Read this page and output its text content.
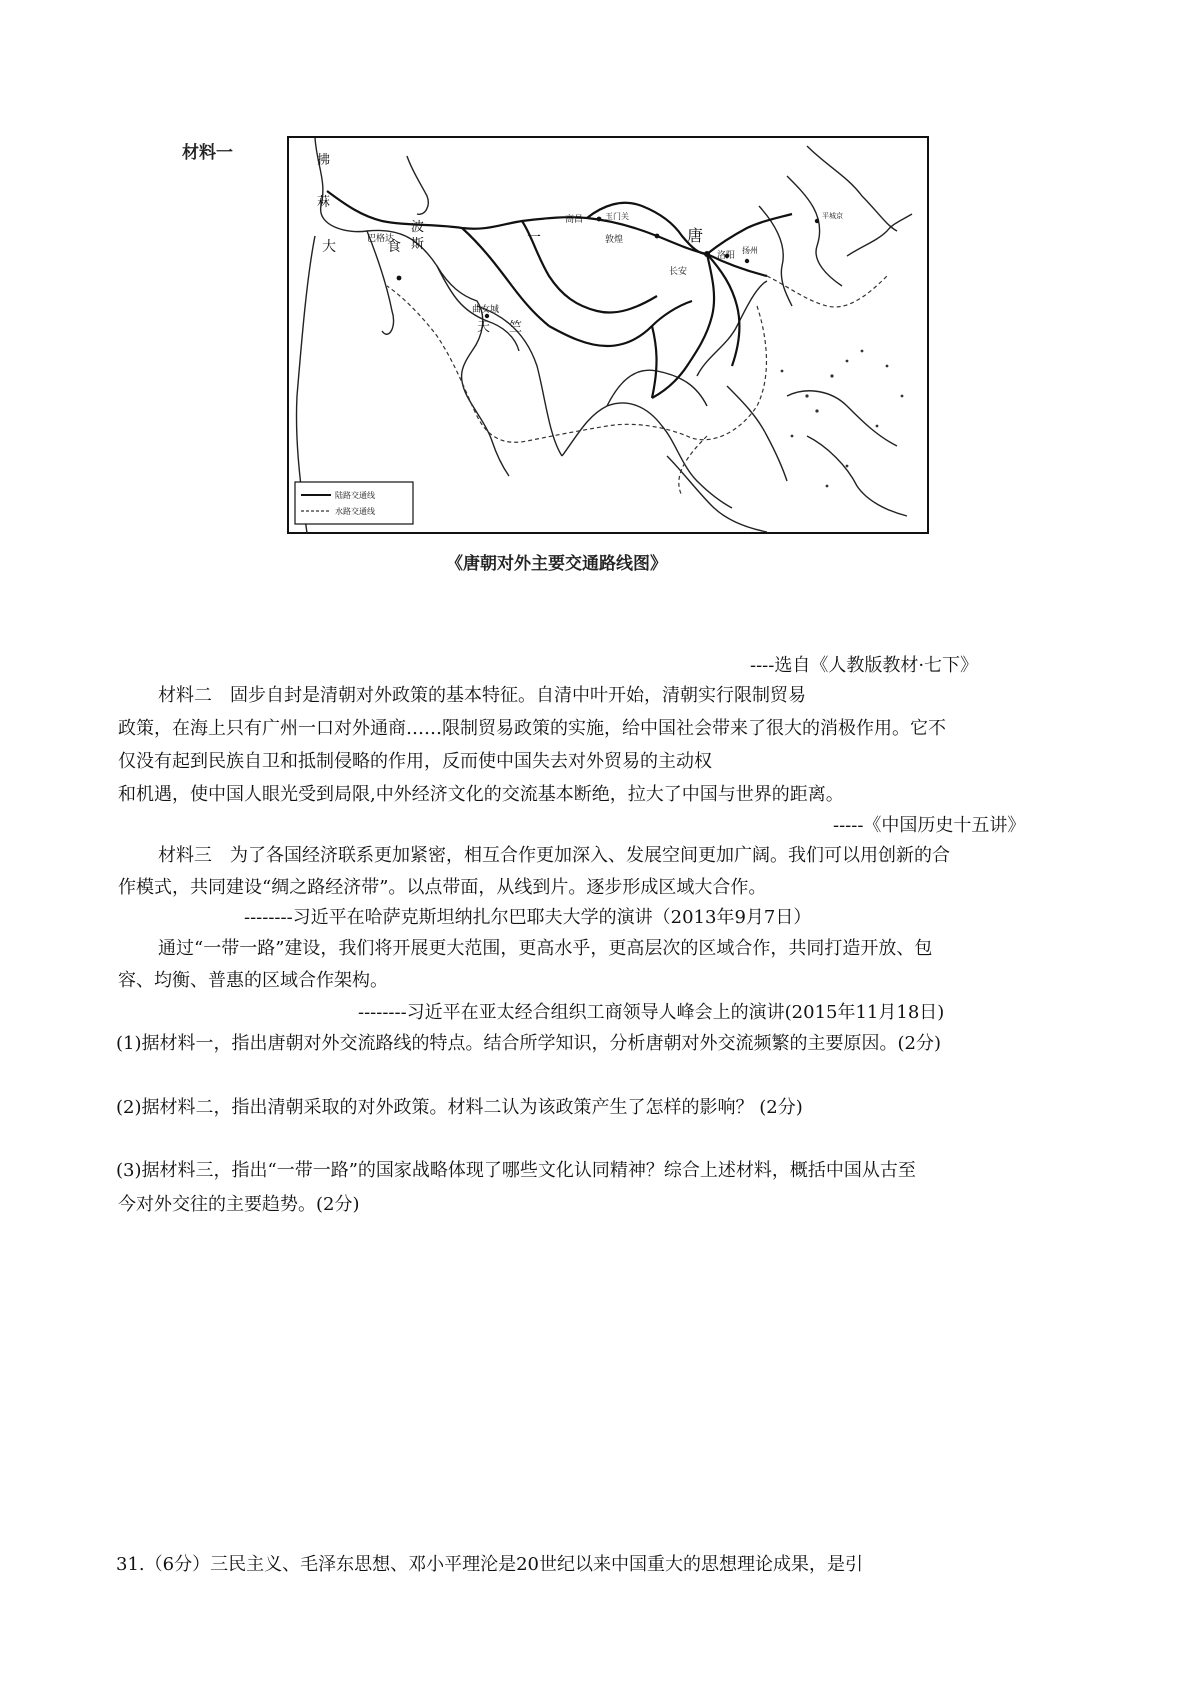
材料一	拂
菻
大	食
波
斯
巴格达	一
高昌	玉门关
敦煌	唐
长安
洛阳
扬州
平城京
曲女城
天 竺
陆路交通线
水路交通线
《唐朝对外主要交通路线图》
----选自《人教版教材·七下》
材料二　固步自封是清朝对外政策的基本特征。自清中叶开始，清朝实行限制贸易
政策，在海上只有广州一口对外通商……限制贸易政策的实施，给中国社会带来了很大的消极作用。它不
仅没有起到民族自卫和抵制侵略的作用，反而使中国失去对外贸易的主动权
和机遇，使中国人眼光受到局限,中外经济文化的交流基本断绝，拉大了中国与世界的距离。
-----《中国历史十五讲》
材料三　为了各国经济联系更加紧密，相互合作更加深入、发展空间更加广阔。我们可以用创新的合
作模式，共同建设“绸之路经济带”。以点带面，从线到片。逐步形成区域大合作。
--------习近平在哈萨克斯坦纳扎尔巴耶夫大学的演讲（2013年9月7日）
通过“一带一路”建设，我们将开展更大范围，更高水乎，更高层次的区域合作，共同打造开放、包
容、均衡、普惠的区域合作架构。
--------习近平在亚太经合组织工商领导人峰会上的演讲(2015年11月18日)
(1)据材料一，指出唐朝对外交流路线的特点。结合所学知识，分析唐朝对外交流频繁的主要原因。(2分)
(2)据材料二，指出清朝采取的对外政策。材料二认为该政策产生了怎样的影响？ (2分)
(3)据材料三，指出“一带一路”的国家战略体现了哪些文化认同精神？综合上述材料，概括中国从古至
今对外交往的主要趋势。(2分)
31.（6分）三民主义、毛泽东思想、邓小平理沦是20世纪以来中国重大的思想理论成果，是引
